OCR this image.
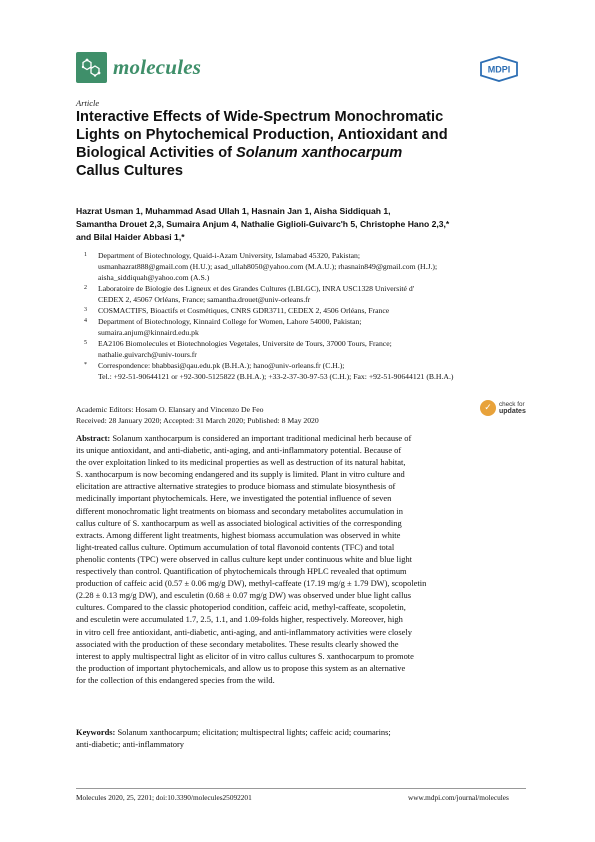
molecules	MDPI
Article
Interactive Effects of Wide-Spectrum Monochromatic
Lights on Phytochemical Production, Antioxidant and
Biological Activities of Solanum xanthocarpum
Callus Cultures
Hazrat Usman 1, Muhammad Asad Ullah 1, Hasnain Jan 1, Aisha Siddiquah 1,
Samantha Drouet 2,3, Sumaira Anjum 4, Nathalie Giglioli-Guivarc'h 5, Christophe Hano 2,3,*
and Bilal Haider Abbasi 1,*
1 Department of Biotechnology, Quaid-i-Azam University, Islamabad 45320, Pakistan;
usmanhazrat888@gmail.com (H.U.); asad_ullah8050@yahoo.com (M.A.U.); rhasnain849@gmail.com (H.J.);
aisha_siddiquah@yahoo.com (A.S.)
2 Laboratoire de Biologie des Ligneux et des Grandes Cultures (LBLGC), INRA USC1328 Université d'
CEDEX 2, 45067 Orléans, France; samantha.drouet@univ-orleans.fr
3 COSMACTIFS, Bioactifs et Cosmétiques, CNRS GDR3711, CEDEX 2, 4506 Orléans, France
4 Department of Biotechnology, Kinnaird College for Women, Lahore 54000, Pakistan;
sumaira.anjum@kinnaird.edu.pk
5 EA2106 Biomolecules et Biotechnologies Vegetales, Universite de Tours, 37000 Tours, France;
nathalie.guivarch@univ-tours.fr
* Correspondence: bhabbasi@qau.edu.pk (B.H.A.); hano@univ-orleans.fr (C.H.);
Tel.: +92-51-90644121 or +92-300-5125822 (B.H.A.); +33-2-37-30-97-53 (C.H.); Fax: +92-51-90644121 (B.H.A.)
Academic Editors: Hosam O. Elansary and Vincenzo De Feo
Received: 28 January 2020; Accepted: 31 March 2020; Published: 8 May 2020
✓	check for
updates
Abstract: Solanum xanthocarpum is considered an important traditional medicinal herb because of
its unique antioxidant, and anti-diabetic, anti-aging, and anti-inflammatory potential. Because of
the over exploitation linked to its medicinal properties as well as destruction of its natural habitat,
S. xanthocarpum is now becoming endangered and its supply is limited. Plant in vitro culture and
elicitation are attractive alternative strategies to produce biomass and stimulate biosynthesis of
medicinally important phytochemicals. Here, we investigated the potential influence of seven
different monochromatic light treatments on biomass and secondary metabolites accumulation in
callus culture of S. xanthocarpum as well as associated biological activities of the corresponding
extracts. Among different light treatments, highest biomass accumulation was observed in white
light-treated callus culture. Optimum accumulation of total flavonoid contents (TFC) and total
phenolic contents (TPC) were observed in callus culture kept under continuous white and blue light
respectively than control. Quantification of phytochemicals through HPLC revealed that optimum
production of caffeic acid (0.57 ± 0.06 mg/g DW), methyl-caffeate (17.19 mg/g ± 1.79 DW), scopoletin
(2.28 ± 0.13 mg/g DW), and esculetin (0.68 ± 0.07 mg/g DW) was observed under blue light callus
cultures. Compared to the classic photoperiod condition, caffeic acid, methyl-caffeate, scopoletin,
and esculetin were accumulated 1.7, 2.5, 1.1, and 1.09-folds higher, respectively. Moreover, high
in vitro cell free antioxidant, anti-diabetic, anti-aging, and anti-inflammatory activities were closely
associated with the production of these secondary metabolites. These results clearly showed the
interest to apply multispectral light as elicitor of in vitro callus cultures S. xanthocarpum to promote
the production of important phytochemicals, and allow us to propose this system as an alternative
for the collection of this endangered species from the wild.
Keywords: Solanum xanthocarpum; elicitation; multispectral lights; caffeic acid; coumarins;
anti-diabetic; anti-inflammatory
Molecules 2020, 25, 2201; doi:10.3390/molecules25092201	www.mdpi.com/journal/molecules
